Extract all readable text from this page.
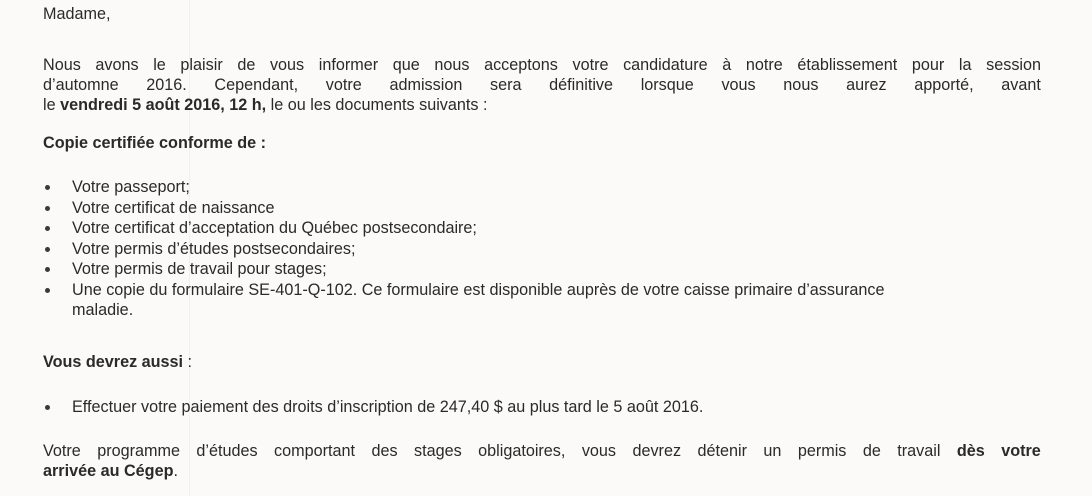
Madame,
Nous avons le plaisir de vous informer que nous acceptons votre candidature à notre établissement pour la session
d’automne 2016. Cependant, votre admission sera définitive lorsque vous nous aurez apporté, avant
le vendredi 5 août 2016, 12 h, le ou les documents suivants :
Copie certifiée conforme de :
Votre passeport;
Votre certificat de naissance
Votre certificat d’acceptation du Québec postsecondaire;
Votre permis d’études postsecondaires;
Votre permis de travail pour stages;
Une copie du formulaire SE-401-Q-102. Ce formulaire est disponible auprès de votre caisse primaire d’assurance
maladie.
Vous devrez aussi :
Effectuer votre paiement des droits d’inscription de 247,40 $ au plus tard le 5 août 2016.
Votre programme d’études comportant des stages obligatoires, vous devrez détenir un permis de travail dès votre
arrivée au Cégep.
